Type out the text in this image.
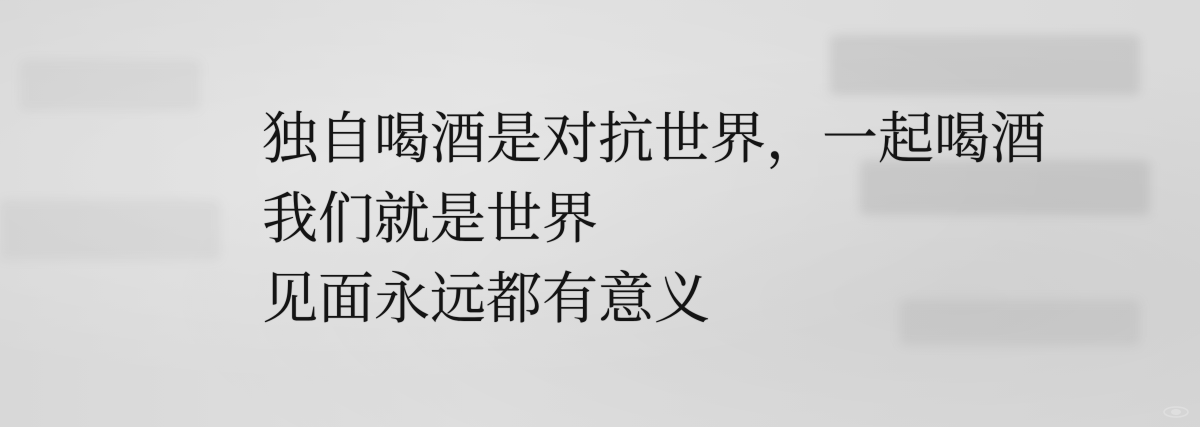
独自喝酒是对抗世界，一起喝酒
我们就是世界
见面永远都有意义
